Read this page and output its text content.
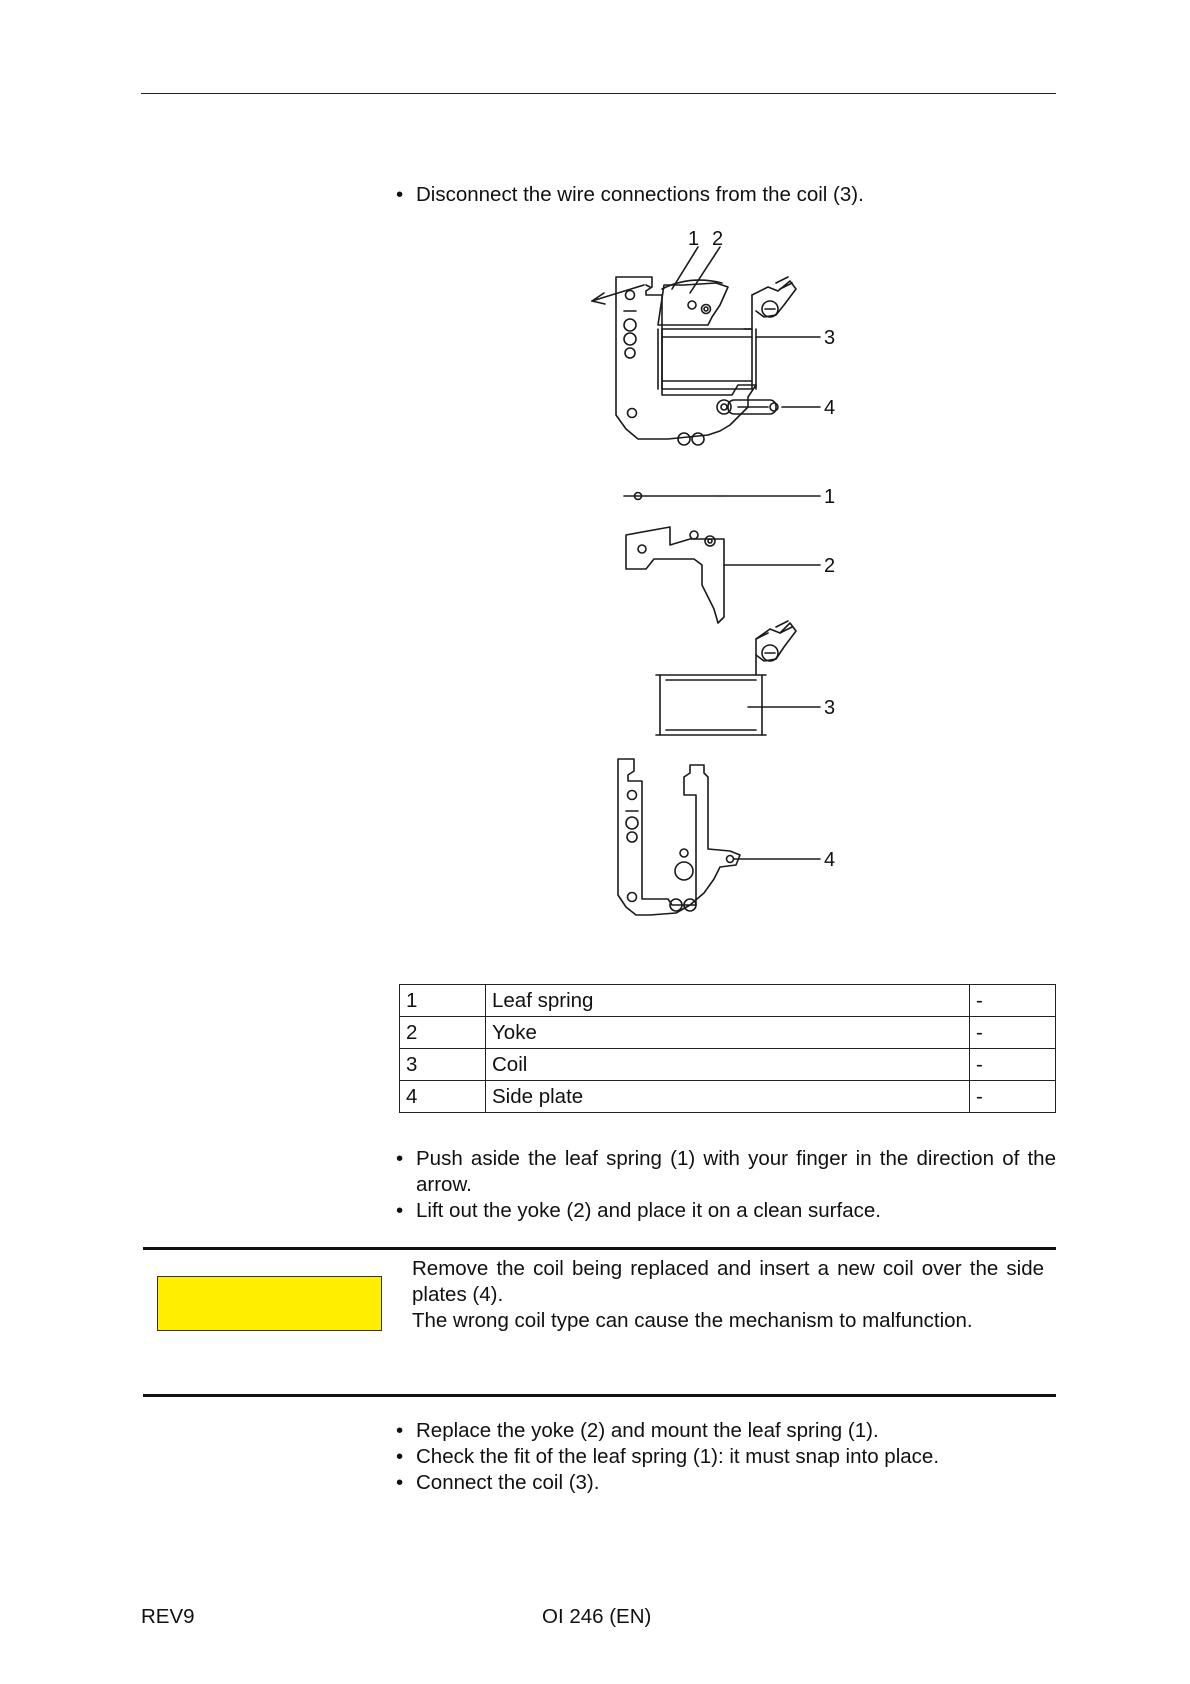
• Disconnect the wire connections from the coil (3).
1 2
3
4
1
2
3
4
1	Leaf spring	-
2	Yoke	-
3	Coil	-
4	Side plate	-
• Push aside the leaf spring (1) with your finger in the direction of the arrow.
• Lift out the yoke (2) and place it on a clean surface.

Remove the coil being replaced and insert a new coil over the side plates (4).

The wrong coil type can cause the mechanism to malfunction.

• Replace the yoke (2) and mount the leaf spring (1).
• Check the fit of the leaf spring (1): it must snap into place.
• Connect the coil (3).
REV9	OI 246 (EN)
